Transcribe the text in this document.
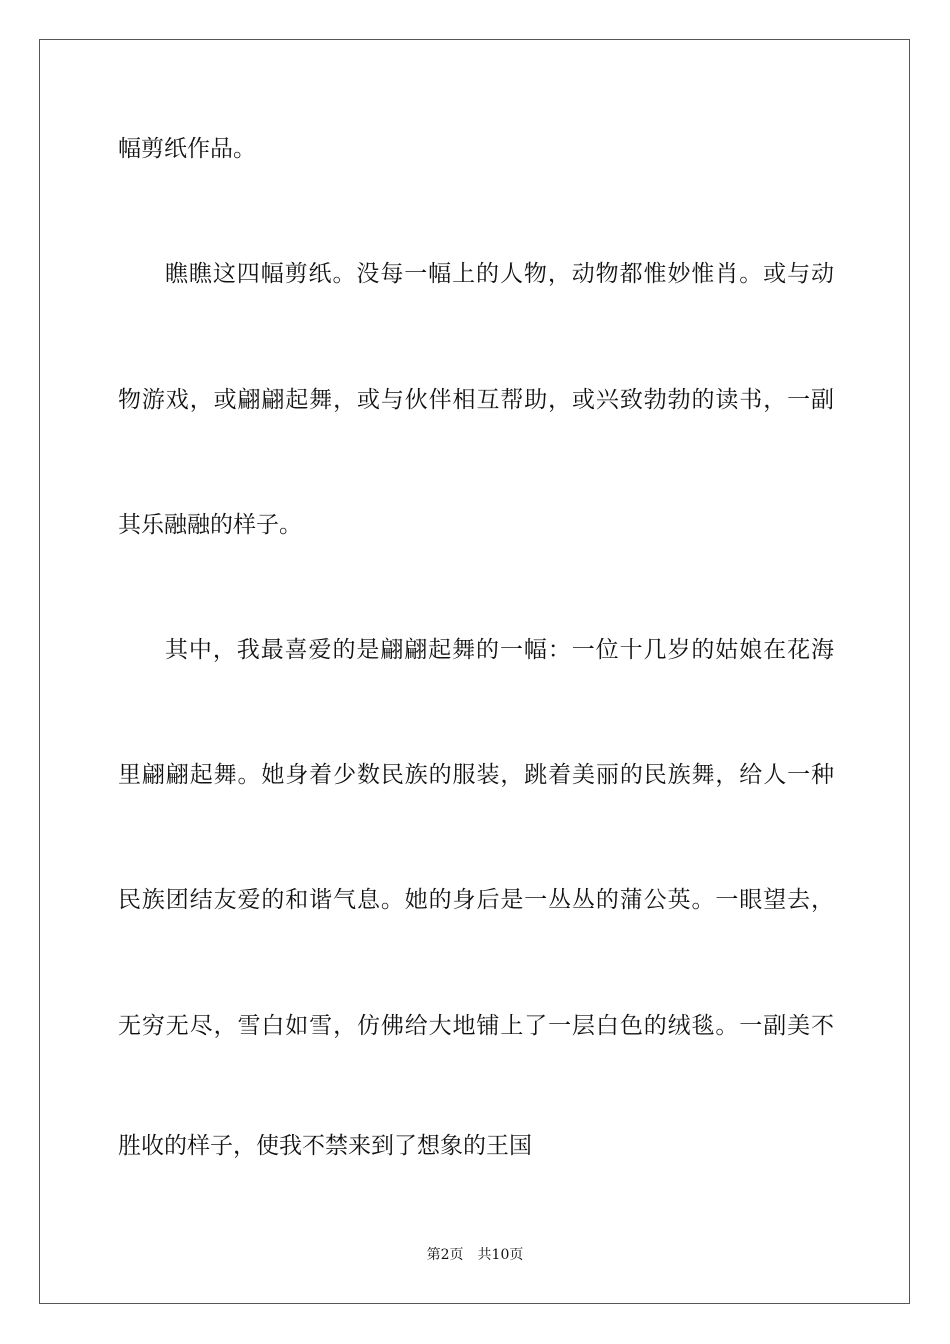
幅剪纸作品。
瞧瞧这四幅剪纸。没每一幅上的人物，动物都惟妙惟肖。或与动
物游戏，或翩翩起舞，或与伙伴相互帮助，或兴致勃勃的读书，一副
其乐融融的样子。
其中，我最喜爱的是翩翩起舞的一幅：一位十几岁的姑娘在花海
里翩翩起舞。她身着少数民族的服装，跳着美丽的民族舞，给人一种
民族团结友爱的和谐气息。她的身后是一丛丛的蒲公英。一眼望去，
无穷无尽，雪白如雪，仿佛给大地铺上了一层白色的绒毯。一副美不
胜收的样子，使我不禁来到了想象的王国
第2页 共10页
